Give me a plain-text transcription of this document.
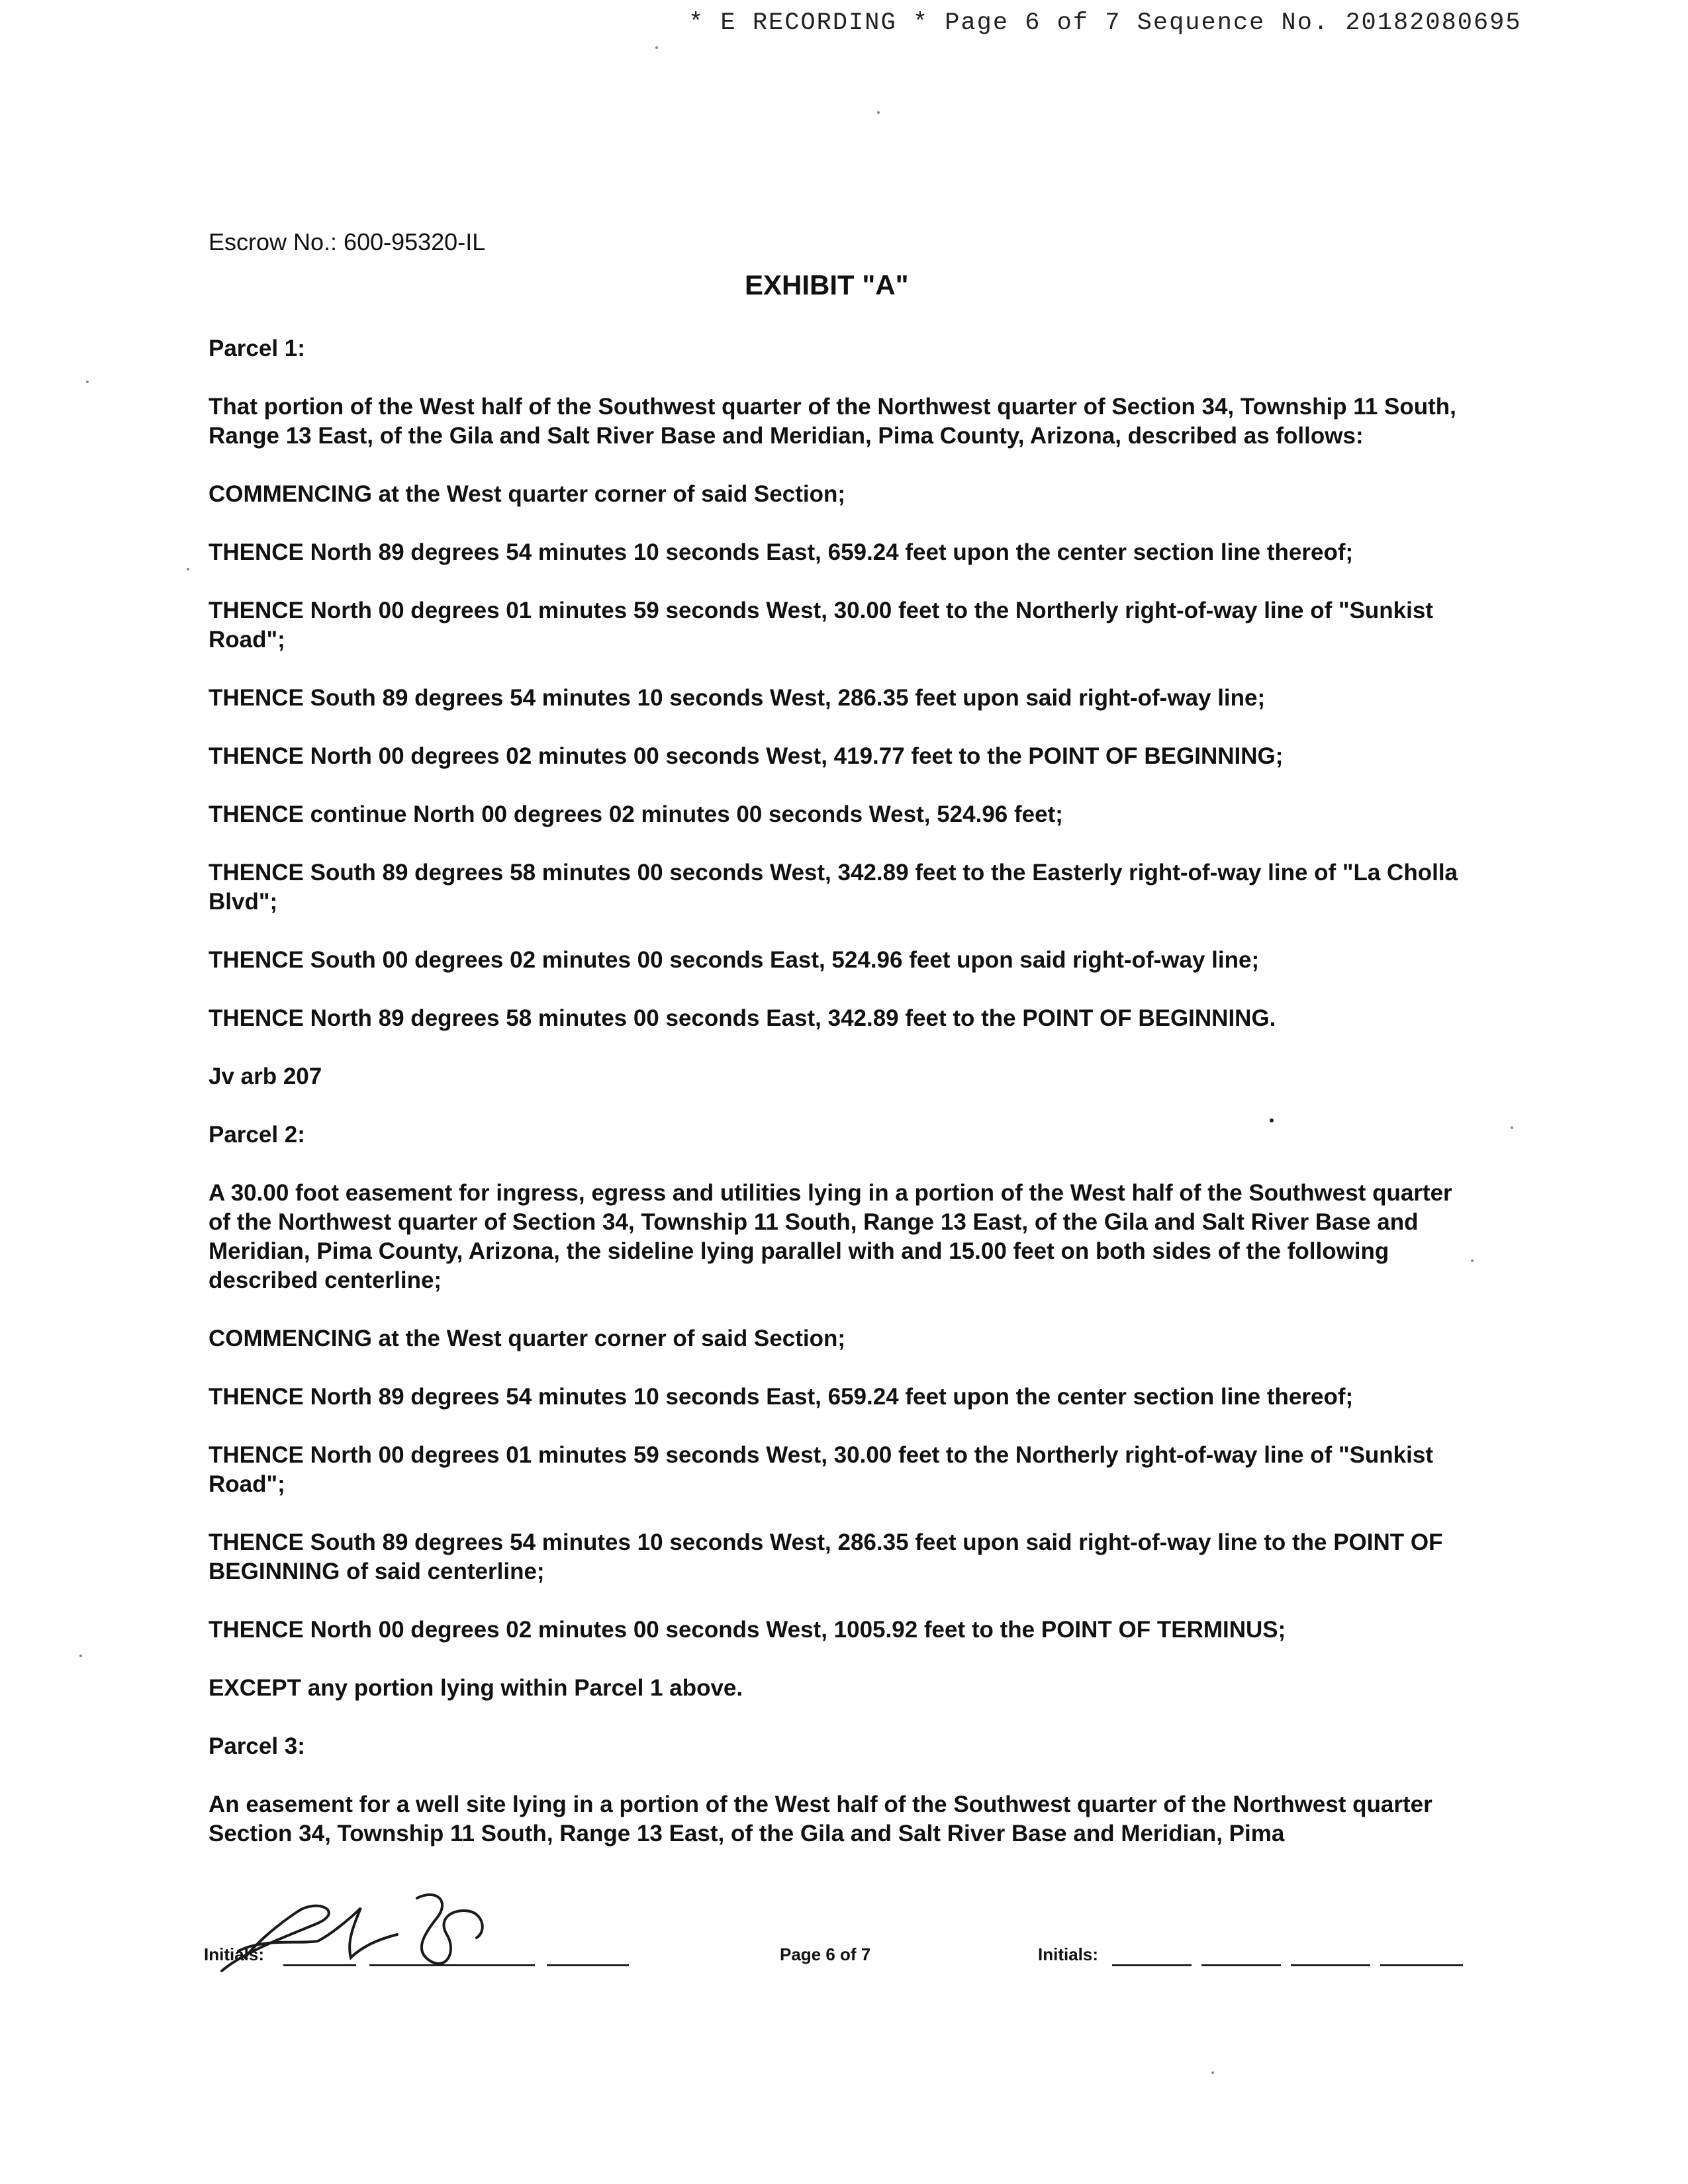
* E RECORDING * Page 6 of 7 Sequence No. 20182080695
Escrow No.: 600-95320-IL
EXHIBIT "A"

Parcel 1:

That portion of the West half of the Southwest quarter of the Northwest quarter of Section 34, Township 11 South, Range 13 East, of the Gila and Salt River Base and Meridian, Pima County, Arizona, described as follows:

COMMENCING at the West quarter corner of said Section;

THENCE North 89 degrees 54 minutes 10 seconds East, 659.24 feet upon the center section line thereof;

THENCE North 00 degrees 01 minutes 59 seconds West, 30.00 feet to the Northerly right-of-way line of "Sunkist Road";

THENCE South 89 degrees 54 minutes 10 seconds West, 286.35 feet upon said right-of-way line;

THENCE North 00 degrees 02 minutes 00 seconds West, 419.77 feet to the POINT OF BEGINNING;

THENCE continue North 00 degrees 02 minutes 00 seconds West, 524.96 feet;

THENCE South 89 degrees 58 minutes 00 seconds West, 342.89 feet to the Easterly right-of-way line of "La Cholla Blvd";

THENCE South 00 degrees 02 minutes 00 seconds East, 524.96 feet upon said right-of-way line;

THENCE North 89 degrees 58 minutes 00 seconds East, 342.89 feet to the POINT OF BEGINNING.

Jv arb 207

Parcel 2:

A 30.00 foot easement for ingress, egress and utilities lying in a portion of the West half of the Southwest quarter of the Northwest quarter of Section 34, Township 11 South, Range 13 East, of the Gila and Salt River Base and Meridian, Pima County, Arizona, the sideline lying parallel with and 15.00 feet on both sides of the following described centerline;

COMMENCING at the West quarter corner of said Section;

THENCE North 89 degrees 54 minutes 10 seconds East, 659.24 feet upon the center section line thereof;

THENCE North 00 degrees 01 minutes 59 seconds West, 30.00 feet to the Northerly right-of-way line of "Sunkist Road";

THENCE South 89 degrees 54 minutes 10 seconds West, 286.35 feet upon said right-of-way line to the POINT OF BEGINNING of said centerline;

THENCE North 00 degrees 02 minutes 00 seconds West, 1005.92 feet to the POINT OF TERMINUS;

EXCEPT any portion lying within Parcel 1 above.

Parcel 3:

An easement for a well site lying in a portion of the West half of the Southwest quarter of the Northwest quarter Section 34, Township 11 South, Range 13 East, of the Gila and Salt River Base and Meridian, Pima

Initials:	Page 6 of 7	Initials:
